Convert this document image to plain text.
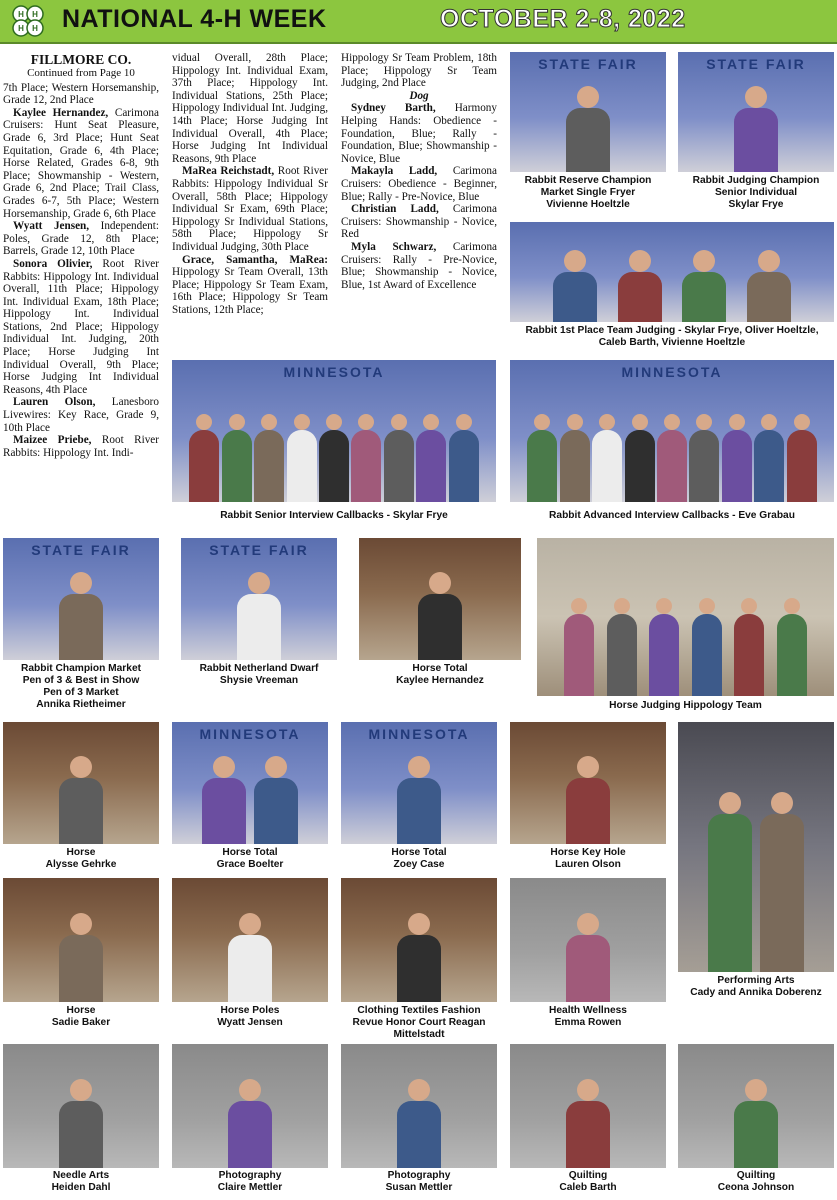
H H
H H NATIONAL 4-H WEEK	OCTOBER 2-8, 2022

FILLMORE CO.

Continued from Page 10

7th Place; Western Horsemanship, Grade 12, 2nd Place

Kaylee Hernandez, Carimona Cruisers: Hunt Seat Pleasure, Grade 6, 3rd Place; Hunt Seat Equitation, Grade 6, 4th Place; Horse Related, Grades 6-8, 9th Place; Showmanship - Western, Grade 6, 2nd Place; Trail Class, Grades 6-7, 5th Place; Western Horsemanship, Grade 6, 6th Place

Wyatt Jensen, Independent: Poles, Grade 12, 8th Place; Barrels, Grade 12, 10th Place

Sonora Olivier, Root River Rabbits: Hippology Int. Individual Overall, 11th Place; Hippology Int. Individual Exam, 18th Place; Hippology Int. Individual Stations, 2nd Place; Hippology Individual Int. Judging, 20th Place; Horse Judging Int Individual Overall, 9th Place; Horse Judging Int Individual Reasons, 4th Place

Lauren Olson, Lanesboro Livewires: Key Race, Grade 9, 10th Place

Maizee Priebe, Root River Rabbits: Hippology Int. Indi-

vidual Overall, 28th Place; Hippology Int. Individual Exam, 37th Place; Hippology Int. Individual Stations, 25th Place; Hippology Individual Int. Judging, 14th Place; Horse Judging Int Individual Overall, 4th Place; Horse Judging Int Individual Reasons, 9th Place

MaRea Reichstadt, Root River Rabbits: Hippology Individual Sr Overall, 58th Place; Hippology Individual Sr Exam, 69th Place; Hippology Sr Individual Stations, 58th Place; Hippology Sr Individual Judging, 30th Place

Grace, Samantha, MaRea: Hippology Sr Team Overall, 13th Place; Hippology Sr Team Exam, 16th Place; Hippology Sr Team Stations, 12th Place;

Hippology Sr Team Problem, 18th Place; Hippology Sr Team Judging, 2nd Place

Dog

Sydney Barth, Harmony Helping Hands: Obedience - Foundation, Blue; Rally - Foundation, Blue; Showmanship - Novice, Blue

Makayla Ladd, Carimona Cruisers: Obedience - Beginner, Blue; Rally - Pre-Novice, Blue

Christian Ladd, Carimona Cruisers: Showmanship - Novice, Red

Myla Schwarz, Carimona Cruisers: Rally - Pre-Novice, Blue; Showmanship - Novice, Blue, 1st Award of Excellence

STATE FAIR
Rabbit Reserve Champion
Market Single Fryer
Vivienne Hoeltzle
STATE FAIR
Rabbit Judging Champion
Senior Individual
Skylar Frye
Rabbit 1st Place Team Judging - Skylar Frye, Oliver Hoeltzle,
Caleb Barth, Vivienne Hoeltzle
MINNESOTA
Rabbit Senior Interview Callbacks - Skylar Frye
MINNESOTA
Rabbit Advanced Interview Callbacks - Eve Grabau
STATE FAIR
Rabbit Champion Market
Pen of 3 & Best in Show
Pen of 3 Market
Annika Rietheimer
STATE FAIR
Rabbit Netherland Dwarf
Shysie Vreeman
Horse Total
Kaylee Hernandez
Horse Judging Hippology Team
Horse
Alysse Gehrke
MINNESOTA
Horse Total
Grace Boelter
MINNESOTA
Horse Total
Zoey Case
Horse Key Hole
Lauren Olson
Performing Arts
Cady and Annika Doberenz
Horse
Sadie Baker
Horse Poles
Wyatt Jensen
Clothing Textiles Fashion
Revue Honor Court Reagan
Mittelstadt
Health Wellness
Emma Rowen
Needle Arts
Heiden Dahl
Photography
Claire Mettler
Photography
Susan Mettler
Quilting
Caleb Barth
Quilting
Ceona Johnson
